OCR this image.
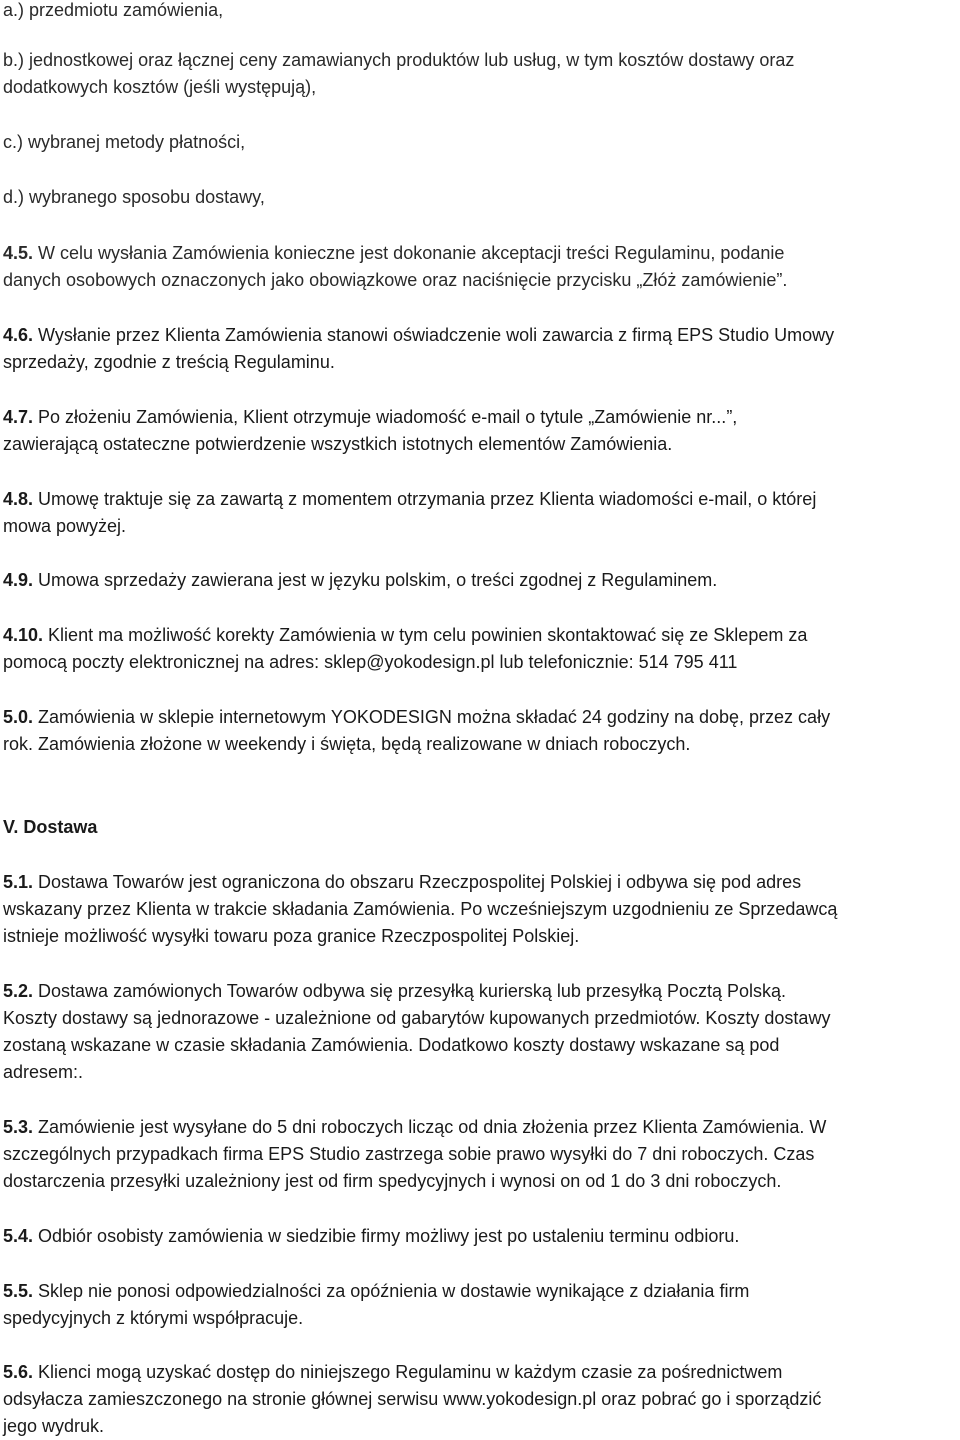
a.) przedmiotu zamówienia,

b.) jednostkowej oraz łącznej ceny zamawianych produktów lub usług, w tym kosztów dostawy oraz
dodatkowych kosztów (jeśli występują),

c.) wybranej metody płatności,

d.) wybranego sposobu dostawy,

4.5. W celu wysłania Zamówienia konieczne jest dokonanie akceptacji treści Regulaminu, podanie
danych osobowych oznaczonych jako obowiązkowe oraz naciśnięcie przycisku „Złóż zamówienie”.

4.6. Wysłanie przez Klienta Zamówienia stanowi oświadczenie woli zawarcia z firmą EPS Studio Umowy
sprzedaży, zgodnie z treścią Regulaminu.

4.7. Po złożeniu Zamówienia, Klient otrzymuje wiadomość e-mail o tytule „Zamówienie nr...”,
zawierającą ostateczne potwierdzenie wszystkich istotnych elementów Zamówienia.

4.8. Umowę traktuje się za zawartą z momentem otrzymania przez Klienta wiadomości e-mail, o której
mowa powyżej.

4.9. Umowa sprzedaży zawierana jest w języku polskim, o treści zgodnej z Regulaminem.

4.10. Klient ma możliwość korekty Zamówienia w tym celu powinien skontaktować się ze Sklepem za
pomocą poczty elektronicznej na adres: sklep@yokodesign.pl lub telefonicznie: 514 795 411

5.0. Zamówienia w sklepie internetowym YOKODESIGN można składać 24 godziny na dobę, przez cały
rok. Zamówienia złożone w weekendy i święta, będą realizowane w dniach roboczych.

V. Dostawa

5.1. Dostawa Towarów jest ograniczona do obszaru Rzeczpospolitej Polskiej i odbywa się pod adres
wskazany przez Klienta w trakcie składania Zamówienia. Po wcześniejszym uzgodnieniu ze Sprzedawcą
istnieje możliwość wysyłki towaru poza granice Rzeczpospolitej Polskiej.

5.2. Dostawa zamówionych Towarów odbywa się przesyłką kurierską lub przesyłką Pocztą Polską.
Koszty dostawy są jednorazowe - uzależnione od gabarytów kupowanych przedmiotów. Koszty dostawy
zostaną wskazane w czasie składania Zamówienia. Dodatkowo koszty dostawy wskazane są pod
adresem:.

5.3. Zamówienie jest wysyłane do 5 dni roboczych licząc od dnia złożenia przez Klienta Zamówienia. W
szczególnych przypadkach firma EPS Studio zastrzega sobie prawo wysyłki do 7 dni roboczych. Czas
dostarczenia przesyłki uzależniony jest od firm spedycyjnych i wynosi on od 1 do 3 dni roboczych.

5.4. Odbiór osobisty zamówienia w siedzibie firmy możliwy jest po ustaleniu terminu odbioru.

5.5. Sklep nie ponosi odpowiedzialności za opóźnienia w dostawie wynikające z działania firm
spedycyjnych z którymi współpracuje.

5.6. Klienci mogą uzyskać dostęp do niniejszego Regulaminu w każdym czasie za pośrednictwem
odsyłacza zamieszczonego na stronie głównej serwisu www.yokodesign.pl oraz pobrać go i sporządzić
jego wydruk.
